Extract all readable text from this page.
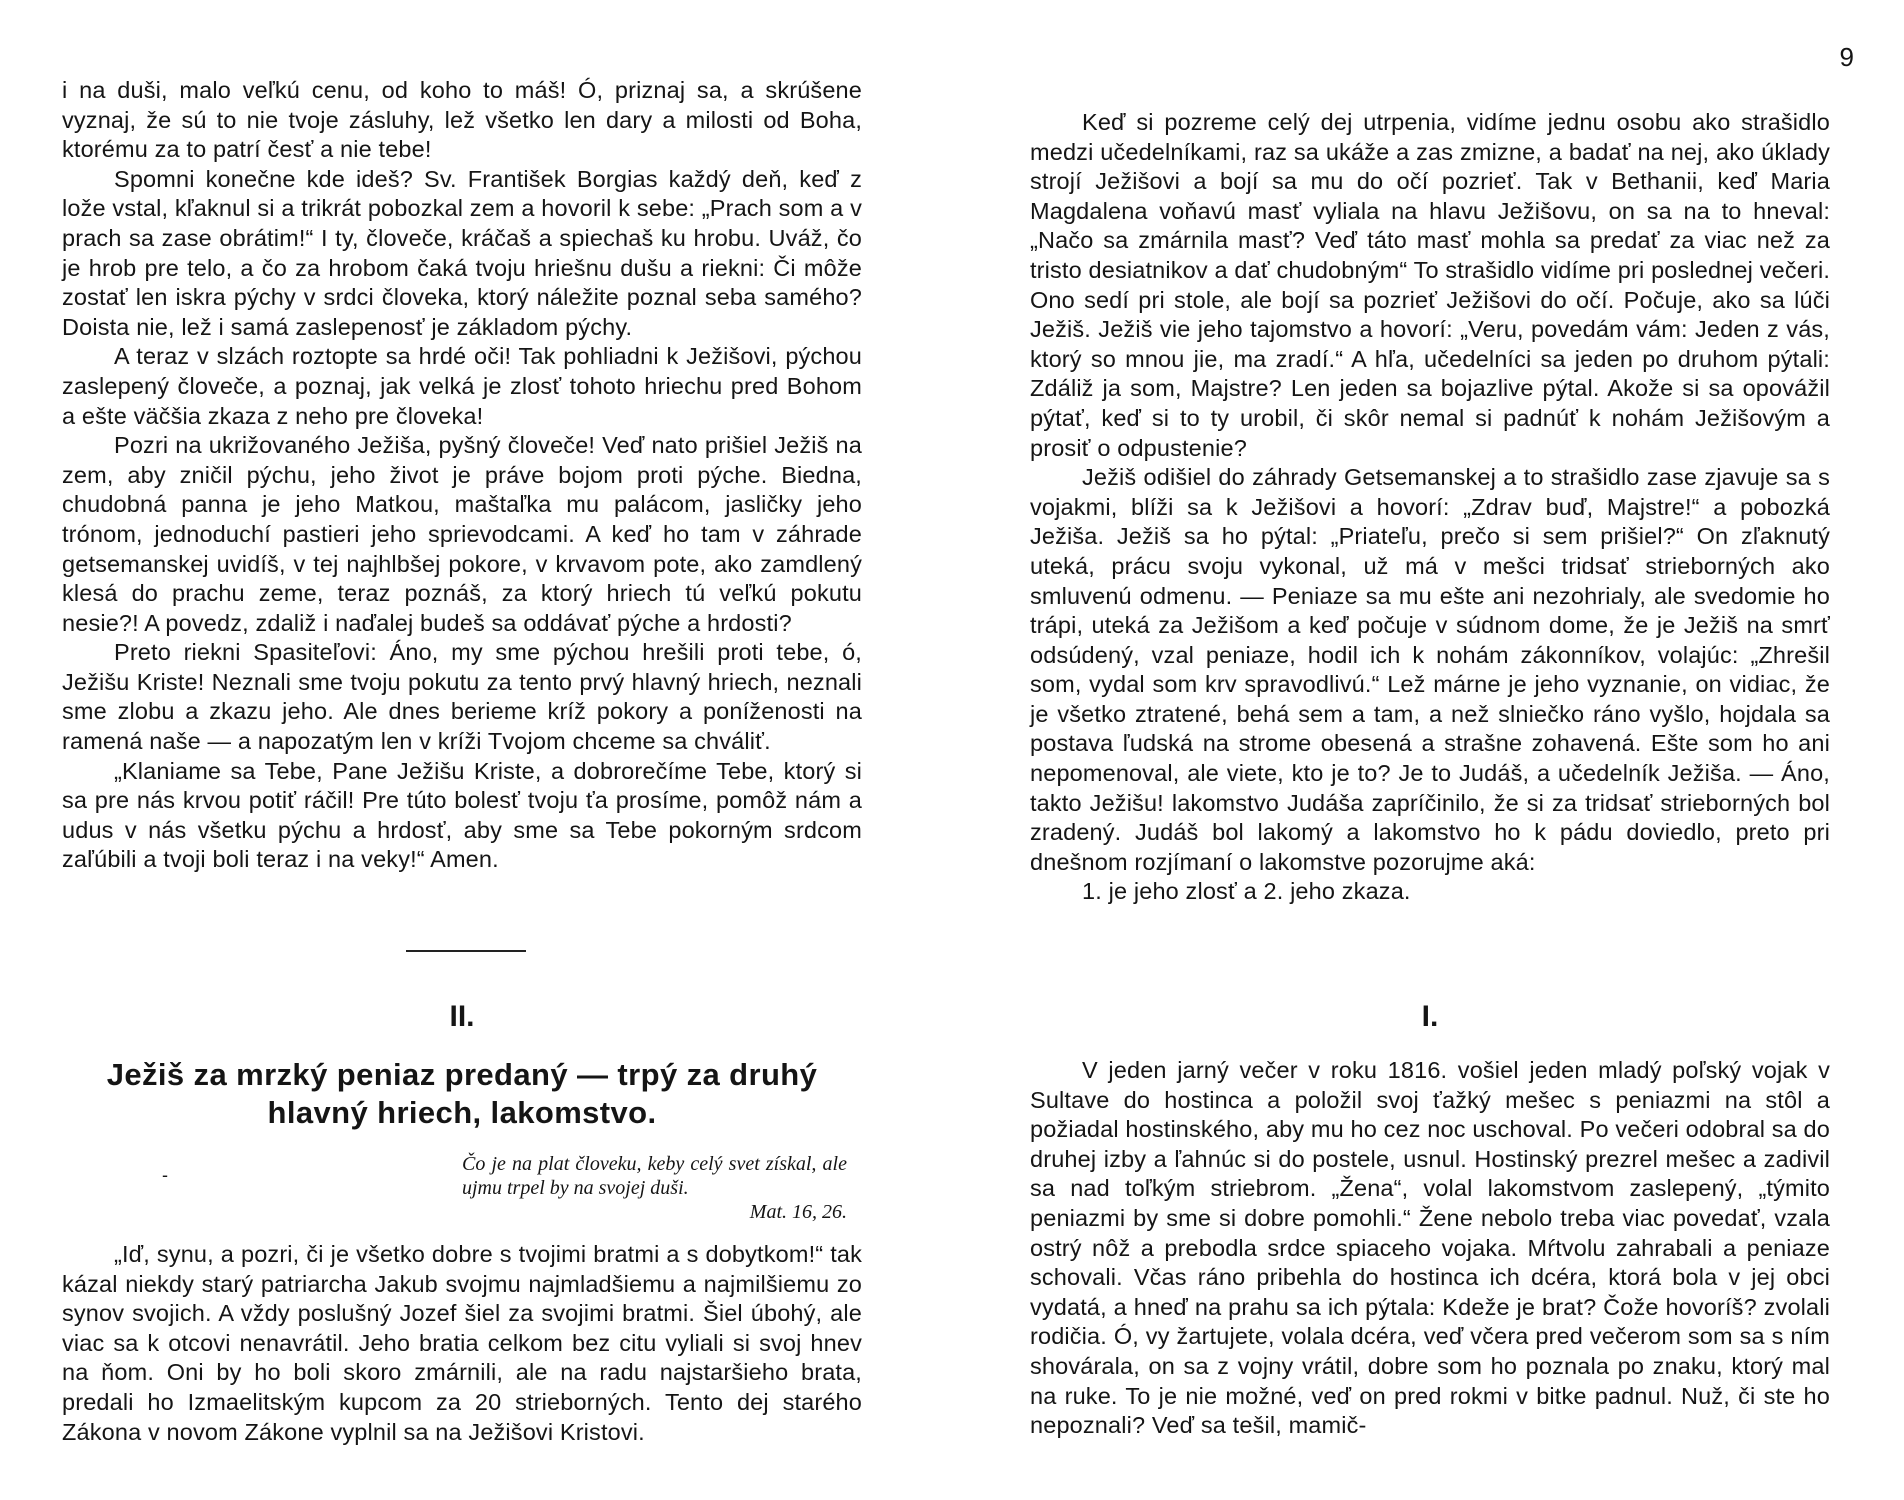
i na duši, malo veľkú cenu, od koho to máš! Ó, priznaj sa, a skrúšene vyznaj, že sú to nie tvoje zásluhy, lež všetko len dary a milosti od Boha, ktorému za to patrí česť a nie tebe!

Spomni konečne kde ideš? Sv. František Borgias každý deň, keď z lože vstal, kľaknul si a trikrát pobozkal zem a hovoril k sebe: „Prach som a v prach sa zase obrátim!“ I ty, človeče, kráčaš a spiechaš ku hrobu. Uváž, čo je hrob pre telo, a čo za hrobom čaká tvoju hriešnu dušu a riekni: Či môže zostať len iskra pýchy v srdci človeka, ktorý náležite poznal seba samého? Doista nie, lež i samá zaslepenosť je základom pýchy.

A teraz v slzách roztopte sa hrdé oči! Tak pohliadni k Ježišovi, pýchou zaslepený človeče, a poznaj, jak velká je zlosť tohoto hriechu pred Bohom a ešte väčšia zkaza z neho pre človeka!

Pozri na ukrižovaného Ježiša, pyšný človeče! Veď nato prišiel Ježiš na zem, aby zničil pýchu, jeho život je práve bojom proti pýche. Biedna, chudobná panna je jeho Matkou, maštaľka mu palácom, jasličky jeho trónom, jednoduchí pastieri jeho sprievodcami. A keď ho tam v záhrade getsemanskej uvidíš, v tej najhlbšej pokore, v krvavom pote, ako zamdlený klesá do prachu zeme, teraz poznáš, za ktorý hriech tú veľkú pokutu nesie?! A povedz, zdaliž i naďalej budeš sa oddávať pýche a hrdosti?

Preto riekni Spasiteľovi: Áno, my sme pýchou hrešili proti tebe, ó, Ježišu Kriste! Neznali sme tvoju pokutu za tento prvý hlavný hriech, neznali sme zlobu a zkazu jeho. Ale dnes berieme kríž pokory a poníženosti na ramená naše — a napozatým len v kríži Tvojom chceme sa chváliť.

„Klaniame sa Tebe, Pane Ježišu Kriste, a dobrorečíme Tebe, ktorý si sa pre nás krvou potiť ráčil! Pre túto bolesť tvoju ťa prosíme, pomôž nám a udus v nás všetku pýchu a hrdosť, aby sme sa Tebe pokorným srdcom zaľúbili a tvoji boli teraz i na veky!“ Amen.

II.
Ježiš za mrzký peniaz predaný — trpý za druhý hlavný hriech, lakomstvo.
-	Čo je na plat človeku, keby celý svet získal, ale ujmu trpel by na svojej duši.
Mat. 16, 26.

„Iď, synu, a pozri, či je všetko dobre s tvojimi bratmi a s dobytkom!“ tak kázal niekdy starý patriarcha Jakub svojmu najmladšiemu a najmilšiemu zo synov svojich. A vždy poslušný Jozef šiel za svojimi bratmi. Šiel úbohý, ale viac sa k otcovi nenavrátil. Jeho bratia celkom bez citu vyliali si svoj hnev na ňom. Oni by ho boli skoro zmárnili, ale na radu najstaršieho brata, predali ho Izmaelitským kupcom za 20 strieborných. Tento dej starého Zákona v novom Zákone vyplnil sa na Ježišovi Kristovi.

9

Keď si pozreme celý dej utrpenia, vidíme jednu osobu ako strašidlo medzi učedelníkami, raz sa ukáže a zas zmizne, a badať na nej, ako úklady strojí Ježišovi a bojí sa mu do očí pozrieť. Tak v Bethanii, keď Maria Magdalena voňavú masť vyliala na hlavu Ježišovu, on sa na to hneval: „Načo sa zmárnila masť? Veď táto masť mohla sa predať za viac než za tristo desiatnikov a dať chudobným“ To strašidlo vidíme pri poslednej večeri. Ono sedí pri stole, ale bojí sa pozrieť Ježišovi do očí. Počuje, ako sa lúči Ježiš. Ježiš vie jeho tajomstvo a hovorí: „Veru, povedám vám: Jeden z vás, ktorý so mnou jie, ma zradí.“ A hľa, učedelníci sa jeden po druhom pýtali: Zdáliž ja som, Majstre? Len jeden sa bojazlive pýtal. Akože si sa opovážil pýtať, keď si to ty urobil, či skôr nemal si padnúť k nohám Ježišovým a prosiť o odpustenie?

Ježiš odišiel do záhrady Getsemanskej a to strašidlo zase zjavuje sa s vojakmi, blíži sa k Ježišovi a hovorí: „Zdrav buď, Majstre!“ a pobozká Ježiša. Ježiš sa ho pýtal: „Priateľu, prečo si sem prišiel?“ On zľaknutý uteká, prácu svoju vykonal, už má v mešci tridsať strieborných ako smluvenú odmenu. — Peniaze sa mu ešte ani nezohrialy, ale svedomie ho trápi, uteká za Ježišom a keď počuje v súdnom dome, že je Ježiš na smrť odsúdený, vzal peniaze, hodil ich k nohám zákonníkov, volajúc: „Zhrešil som, vydal som krv spravodlivú.“ Lež márne je jeho vyznanie, on vidiac, že je všetko ztratené, behá sem a tam, a než slniečko ráno vyšlo, hojdala sa postava ľudská na strome obesená a strašne zohavená. Ešte som ho ani nepomenoval, ale viete, kto je to? Je to Judáš, a učedelník Ježiša. — Áno, takto Ježišu! lakomstvo Judáša zapríčinilo, že si za tridsať strieborných bol zradený. Judáš bol lakomý a lakomstvo ho k pádu doviedlo, preto pri dnešnom rozjímaní o lakomstve pozorujme aká:

1. je jeho zlosť a 2. jeho zkaza.

I.

V jeden jarný večer v roku 1816. vošiel jeden mladý poľský vojak v Sultave do hostinca a položil svoj ťažký mešec s peniazmi na stôl a požiadal hostinského, aby mu ho cez noc uschoval. Po večeri odobral sa do druhej izby a ľahnúc si do postele, usnul. Hostinský prezrel mešec a zadivil sa nad toľkým striebrom. „Žena“, volal lakomstvom zaslepený, „týmito peniazmi by sme si dobre pomohli.“ Žene nebolo treba viac povedať, vzala ostrý nôž a prebodla srdce spiaceho vojaka. Mŕtvolu zahrabali a peniaze schovali. Včas ráno pribehla do hostinca ich dcéra, ktorá bola v jej obci vydatá, a hneď na prahu sa ich pýtala: Kdeže je brat? Čože hovoríš? zvolali rodičia. Ó, vy žartujete, volala dcéra, veď včera pred večerom som sa s ním shovárala, on sa z vojny vrátil, dobre som ho poznala po znaku, ktorý mal na ruke. To je nie možné, veď on pred rokmi v bitke padnul. Nuž, či ste ho nepoznali? Veď sa tešil, mamič-
